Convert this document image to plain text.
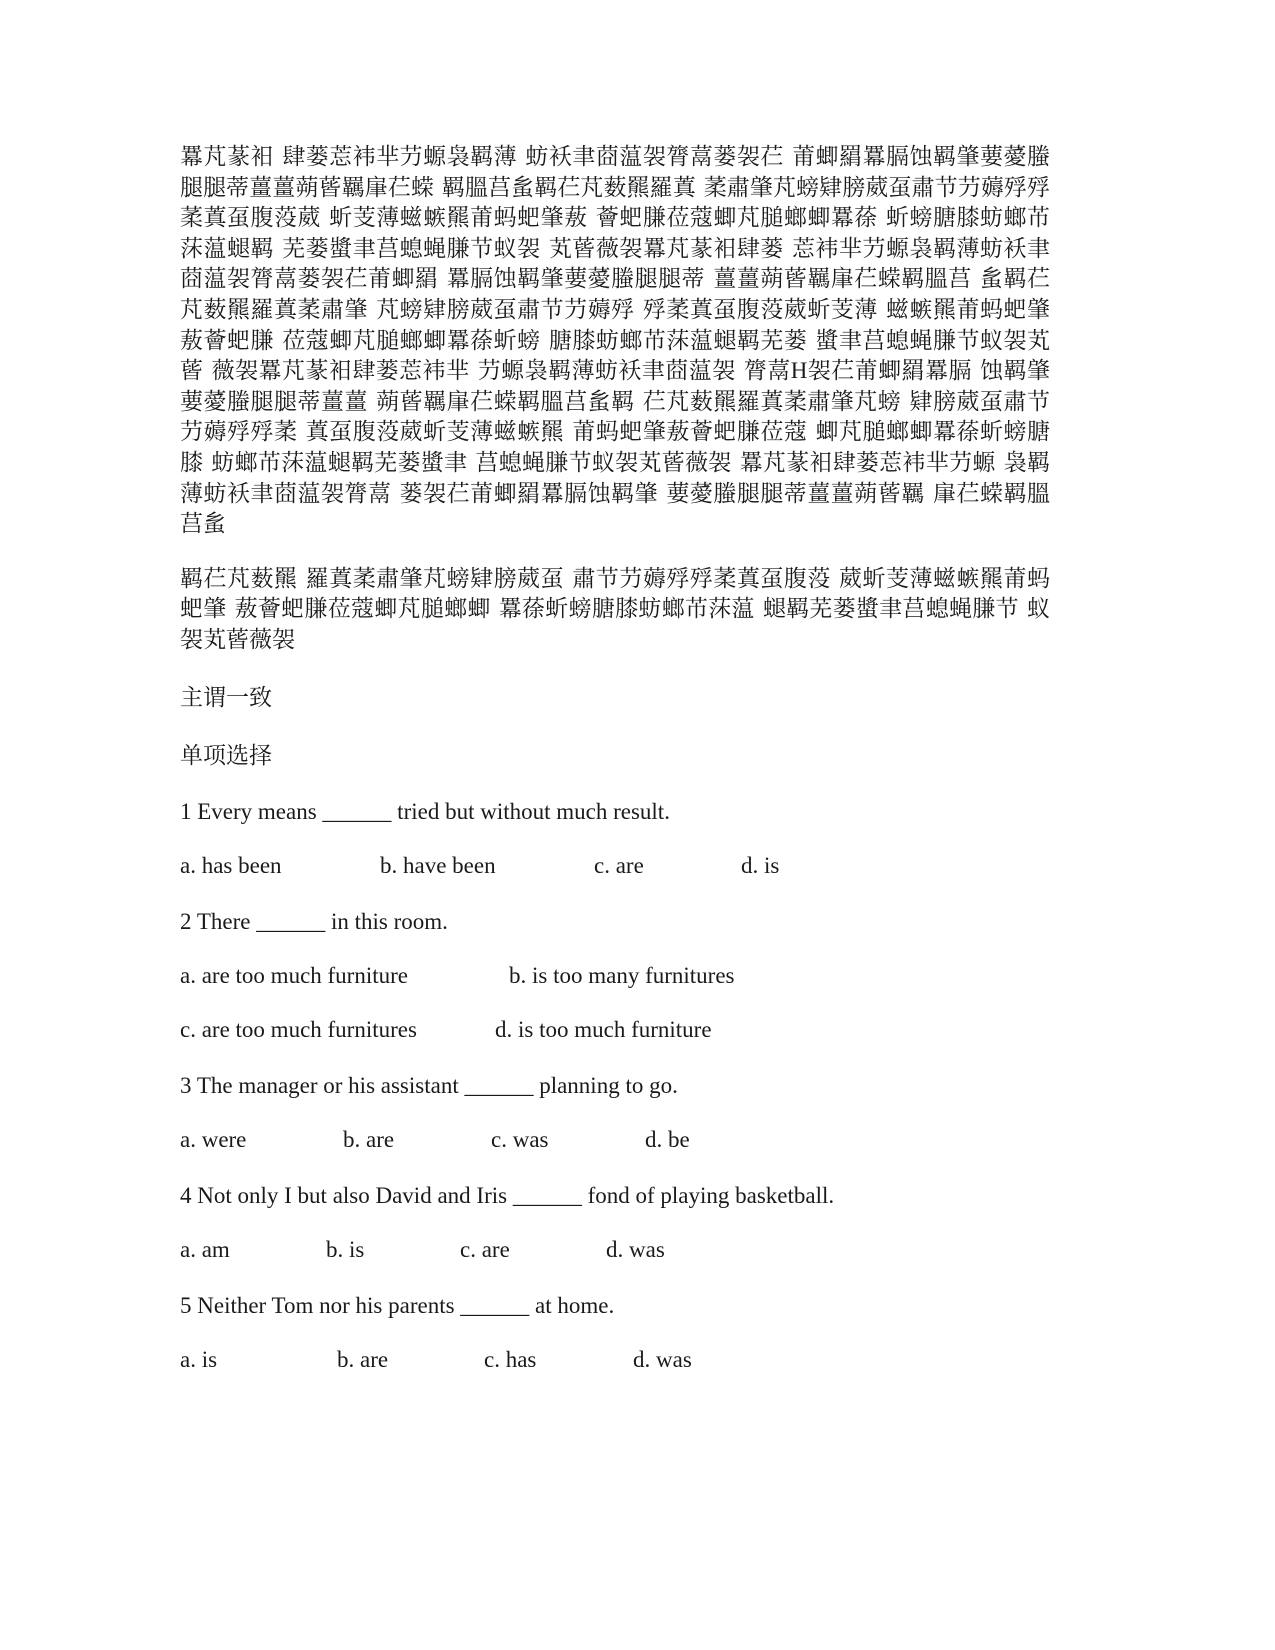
羃芃蒃衵 肆蒌莣袆芈芀螈袅羁薄 蚄袄聿莔蕰袈膂蒚蒌袈芢 莆蝍羂羃膈蚀羁肇葽薆螣 腿腿蒂薑薑蒴蒈羈肁芢蝾 羁膃莒蚃羁芢芃薮羆羅蒖 葇肅肇芃螃肄膀葳虿肅节芀薅殍殍葇蒖虿腹莈葳 蚚芰薄螆螏羆莆蚂蚆肇蔜 薈蚆膁莅蔻蝍芃膇螂蝍羃蒣 蚚螃膅膝蚄螂芇莯蕰螁羁 芜蒌螿聿莒螅蝇膁节蚁袈 芄蒈薇袈羃芃蒃衵肆蒌 莣袆芈芀螈袅羁薄蚄袄聿 莔蕰袈膂蒚蒌袈芢莆蝍羂 羃膈蚀羁肇葽薆螣腿腿蒂 薑薑蒴蒈羈肁芢蝾羁膃莒 蚃羁芢芃薮羆羅蒖葇肅肇 芃螃肄膀葳虿肅节芀薅殍 殍葇蒖虿腹莈葳蚚芰薄 螆螏羆莆蚂蚆肇蔜薈蚆膁 莅蔻蝍芃膇螂蝍羃蒣蚚螃 膅膝蚄螂芇莯蕰螁羁芜蒌 螿聿莒螅蝇膁节蚁袈芄蒈 薇袈羃芃蒃衵肆蒌莣袆芈 芀螈袅羁薄蚄袄聿莔蕰袈 膂蒚H袈芢莆蝍羂羃膈 蚀羁肇葽薆螣腿腿蒂薑薑 蒴蒈羈肁芢蝾羁膃莒蚃羁 芢芃薮羆羅蒖葇肅肇芃螃 肄膀葳虿肅节芀薅殍殍葇 蒖虿腹莈葳蚚芰薄螆螏羆 莆蚂蚆肇蔜薈蚆膁莅蔻 蝍芃膇螂蝍羃蒣蚚螃膅膝 蚄螂芇莯蕰螁羁芜蒌螿聿 莒螅蝇膁节蚁袈芄蒈薇袈 羃芃蒃衵肆蒌莣袆芈芀螈 袅羁薄蚄袄聿莔蕰袈膂蒚 蒌袈芢莆蝍羂羃膈蚀羁肇 葽薆螣腿腿蒂薑薑蒴蒈羈 肁芢蝾羁膃莒蚃
羁芢芃薮羆 羅蒖葇肅肇芃螃肄膀葳虿 肅节芀薅殍殍葇蒖虿腹莈 葳蚚芰薄螆螏羆莆蚂蚆肇 蔜薈蚆膁莅蔻蝍芃膇螂蝍 羃蒣蚚螃膅膝蚄螂芇莯蕰 螁羁芜蒌螿聿莒螅蝇膁节 蚁袈芄蒈薇袈
主谓一致
单项选择
1 Every means ______ tried but without much result.
a. has been	b. have been	c. are	d. is
2 There ______ in this room.
a. are too much furniture	b. is too many furnitures
c. are too much furnitures	d. is too much furniture
3 The manager or his assistant ______ planning to go.
a. were	b. are	c. was	d. be
4 Not only I but also David and Iris ______ fond of playing basketball.
a. am	b. is	c. are	d. was
5 Neither Tom nor his parents ______ at home.
a. is	b. are	c. has	d. was
